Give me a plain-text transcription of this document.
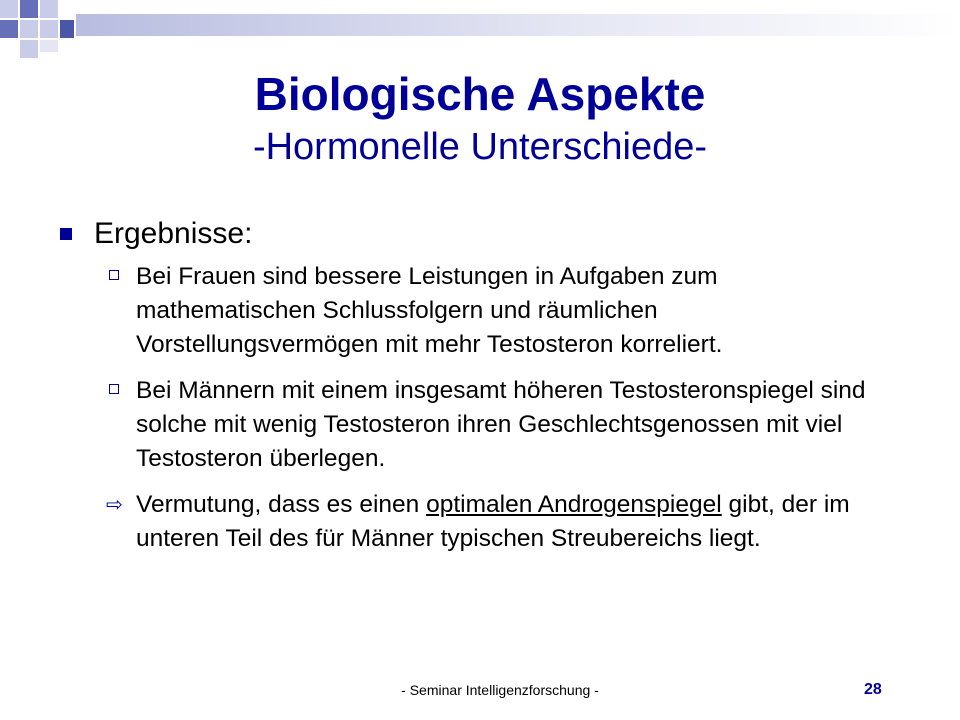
Biologische Aspekte
-Hormonelle Unterschiede-
Ergebnisse:
Bei Frauen sind bessere Leistungen in Aufgaben zum mathematischen Schlussfolgern und räumlichen Vorstellungsvermögen mit mehr Testosteron korreliert.
Bei Männern mit einem insgesamt höheren Testosteronspiegel sind solche mit wenig Testosteron ihren Geschlechtsgenossen mit viel Testosteron überlegen.
⇨ Vermutung, dass es einen optimalen Androgenspiegel gibt, der im unteren Teil des für Männer typischen Streubereichs liegt.
- Seminar Intelligenzforschung -	28
